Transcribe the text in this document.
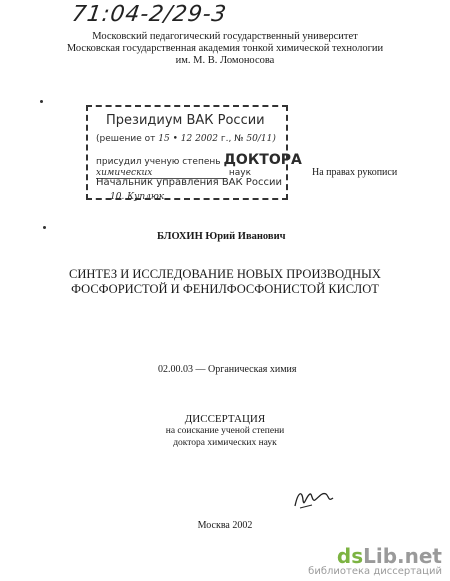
71:04-2/29-3
Московский педагогический государственный университет
Московская государственная академия тонкой химической технологии
им. М. В. Ломоносова
Президиум ВАК России
(решение от 15 • 12 2002 г., № 50/11)
присудил ученую степень ДОКТОРА
химических	наук
Начальник управления ВАК России
10. Куплюк
На правах рукописи
БЛОХИН Юрий Иванович
СИНТЕЗ И ИССЛЕДОВАНИЕ НОВЫХ ПРОИЗВОДНЫХ
ФОСФОРИСТОЙ И ФЕНИЛФОСФОНИСТОЙ КИСЛОТ
02.00.03 — Органическая химия
ДИССЕРТАЦИЯ
на соискание ученой степени
доктора химических наук
Москва 2002
dsLib.net
библиотека диссертаций
